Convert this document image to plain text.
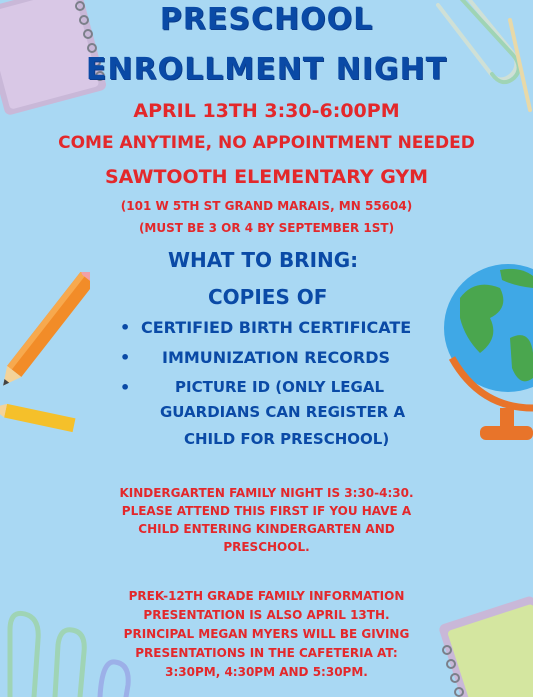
PRESCHOOL
ENROLLMENT NIGHT
APRIL 13TH 3:30-6:00PM
COME ANYTIME, NO APPOINTMENT NEEDED
SAWTOOTH ELEMENTARY GYM
(101 W 5TH ST GRAND MARAIS, MN 55604)
(MUST BE 3 OR 4 BY SEPTEMBER 1ST)
WHAT TO BRING:
COPIES OF
• CERTIFIED BIRTH CERTIFICATE
• IMMUNIZATION RECORDS
•	PICTURE ID (ONLY LEGAL
GUARDIANS CAN REGISTER A
CHILD FOR PRESCHOOL)
KINDERGARTEN FAMILY NIGHT IS 3:30-4:30.
PLEASE ATTEND THIS FIRST IF YOU HAVE A
CHILD ENTERING KINDERGARTEN AND
PRESCHOOL.
PREK-12TH GRADE FAMILY INFORMATION
PRESENTATION IS ALSO APRIL 13TH.
PRINCIPAL MEGAN MYERS WILL BE GIVING
PRESENTATIONS IN THE CAFETERIA AT:
3:30PM, 4:30PM AND 5:30PM.
